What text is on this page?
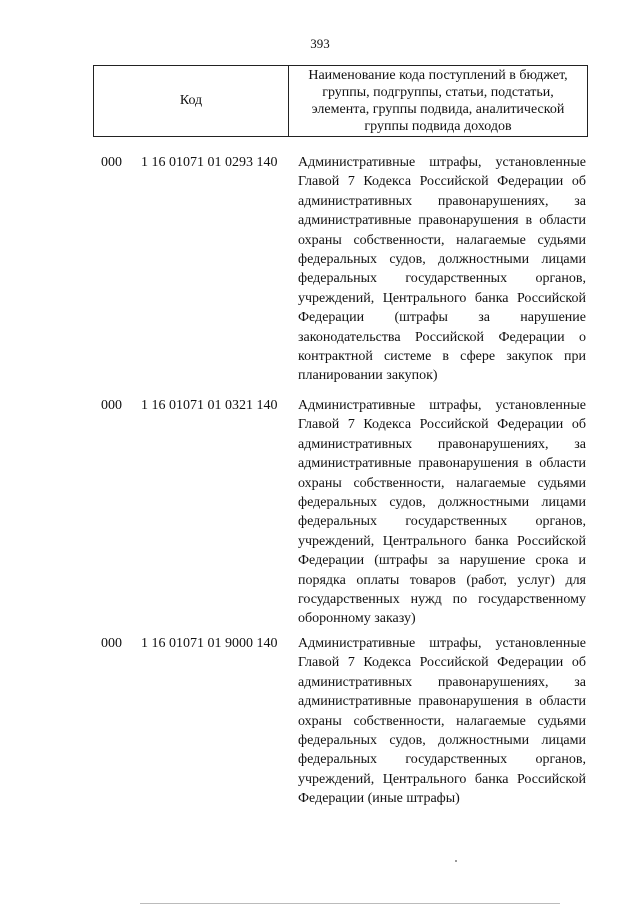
393
Код
Наименование кода поступлений в бюджет, группы, подгруппы, статьи, подстатьи, элемента, группы подвида, аналитической группы подвида доходов
000 1 16 01071 01 0293 140 Административные штрафы, установленные
Главой 7 Кодекса Российской Федерации об
административных правонарушениях, за
административные правонарушения в области
охраны собственности, налагаемые судьями
федеральных судов, должностными лицами
федеральных государственных органов,
учреждений, Центрального банка Российской
Федерации (штрафы за нарушение
законодательства Российской Федерации о
контрактной системе в сфере закупок при
планировании закупок)
000 1 16 01071 01 0321 140 Административные штрафы, установленные
Главой 7 Кодекса Российской Федерации об
административных правонарушениях, за
административные правонарушения в области
охраны собственности, налагаемые судьями
федеральных судов, должностными лицами
федеральных государственных органов,
учреждений, Центрального банка Российской
Федерации (штрафы за нарушение срока и
порядка оплаты товаров (работ, услуг) для
государственных нужд по государственному
оборонному заказу)
000 1 16 01071 01 9000 140 Административные штрафы, установленные
Главой 7 Кодекса Российской Федерации об
административных правонарушениях, за
административные правонарушения в области
охраны собственности, налагаемые судьями
федеральных судов, должностными лицами
федеральных государственных органов,
учреждений, Центрального банка Российской
Федерации (иные штрафы)
